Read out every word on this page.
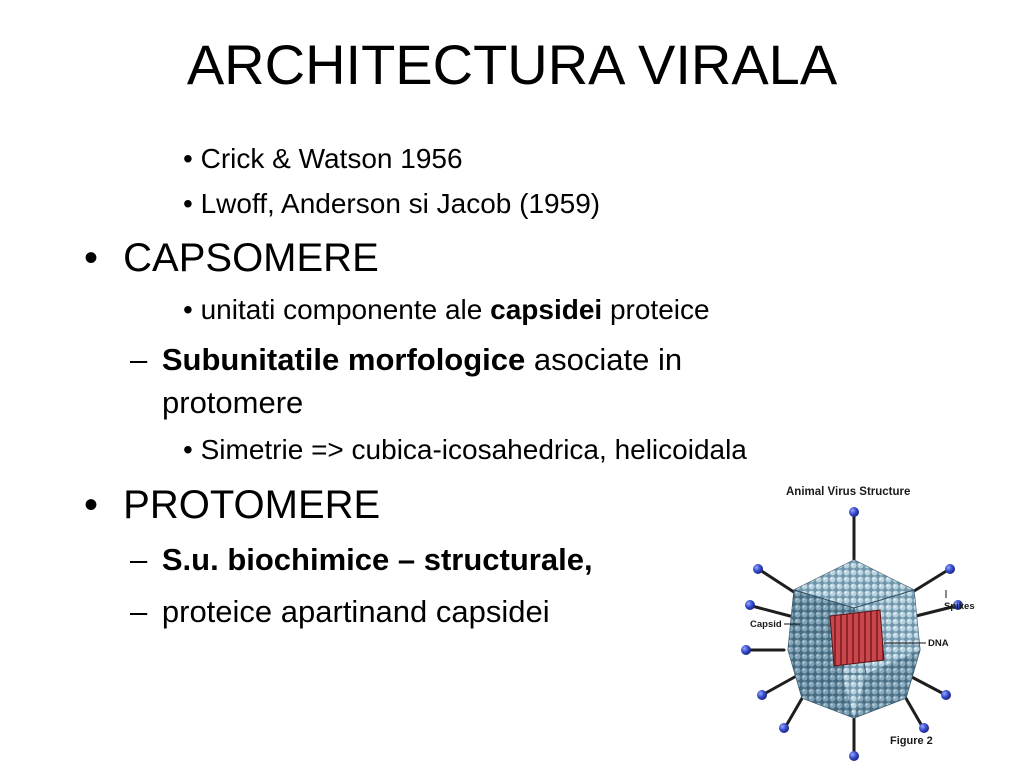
ARCHITECTURA VIRALA
• Crick & Watson 1956
• Lwoff, Anderson si Jacob (1959)
• CAPSOMERE
• unitati componente ale capsidei proteice
– Subunitatile morfologice asociate in
protomere
• Simetrie => cubica-icosahedrica, helicoidala
• PROTOMERE
– S.u. biochimice – structurale,
– proteice apartinand capsidei
Animal Virus Structure
Spikes
Capsid
DNA
Figure 2
